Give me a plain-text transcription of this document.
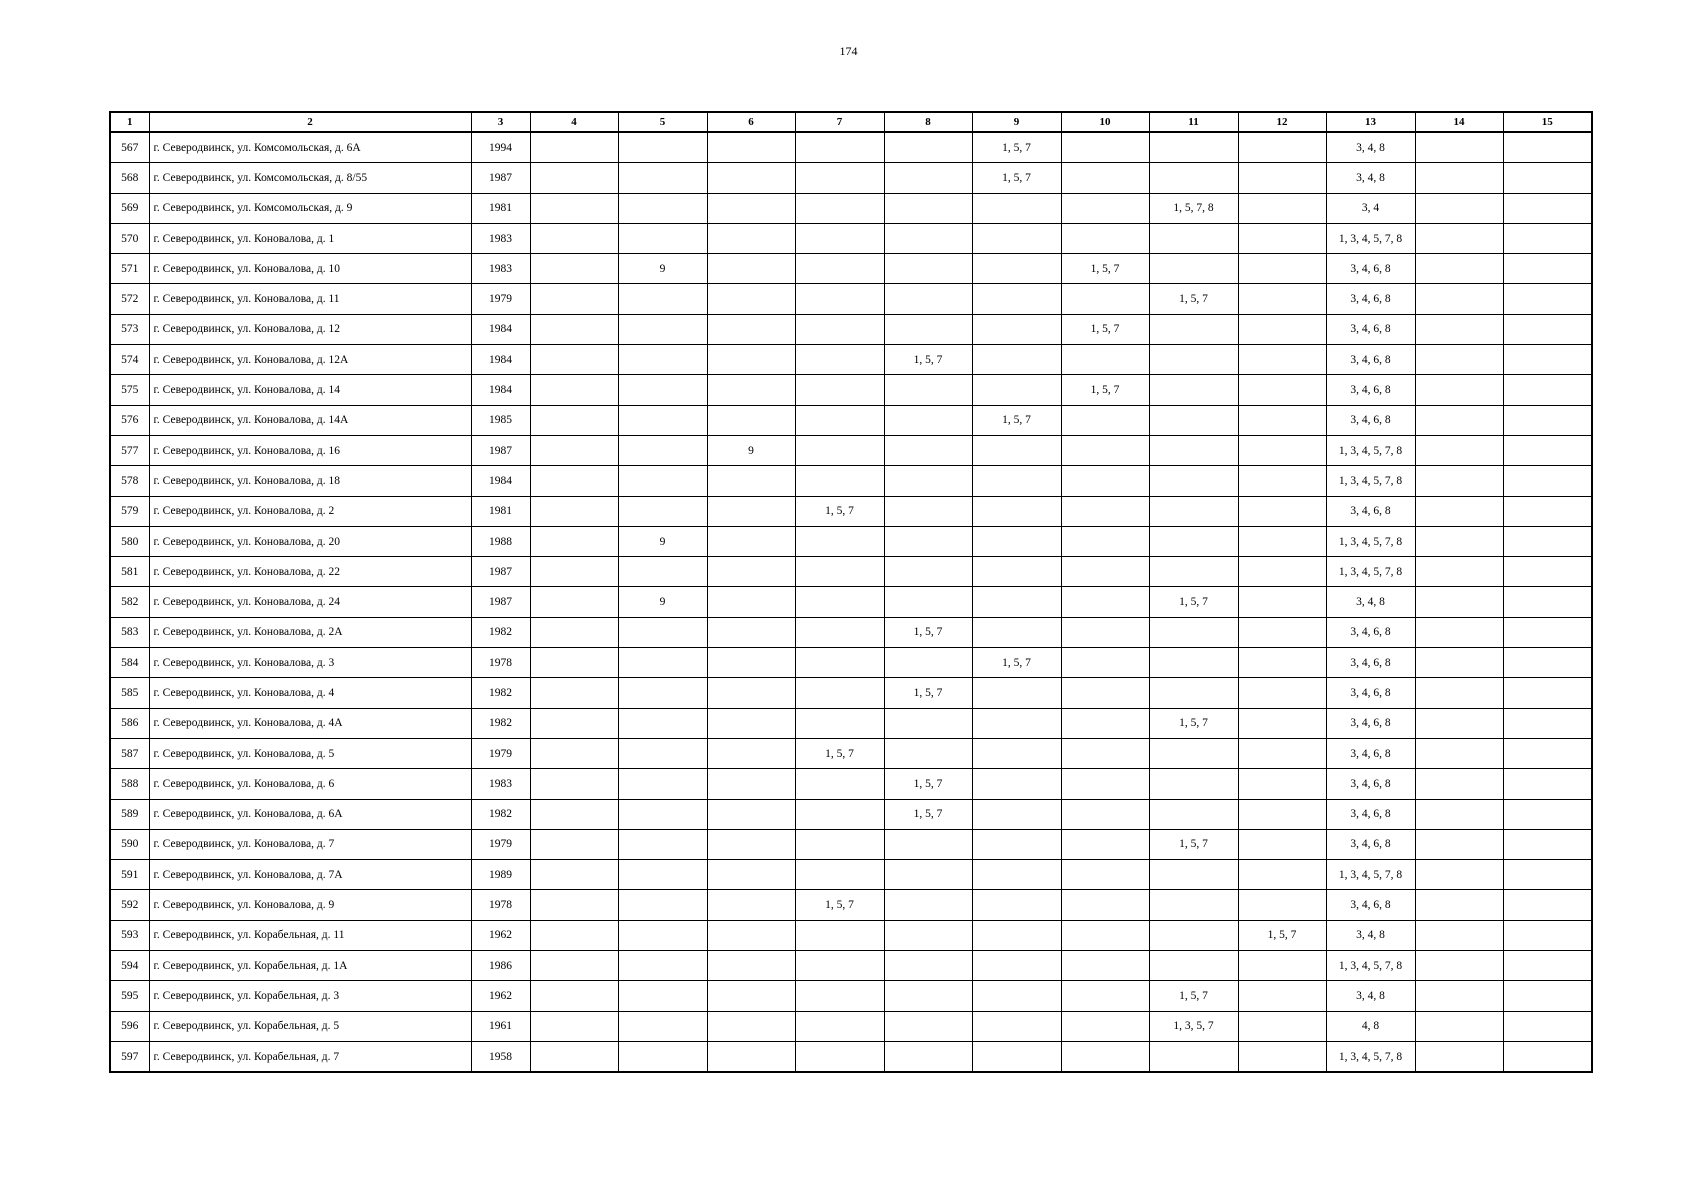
174
1	2	3	4	5	6	7	8	9	10	11	12	13	14	15
567	г. Северодвинск, ул. Комсомольская, д. 6А	1994						1, 5, 7				3, 4, 8		
568	г. Северодвинск, ул. Комсомольская, д. 8/55	1987						1, 5, 7				3, 4, 8		
569	г. Северодвинск, ул. Комсомольская, д. 9	1981								1, 5, 7, 8		3, 4		
570	г. Северодвинск, ул. Коновалова, д. 1	1983										1, 3, 4, 5, 7, 8		
571	г. Северодвинск, ул. Коновалова, д. 10	1983		9					1, 5, 7			3, 4, 6, 8		
572	г. Северодвинск, ул. Коновалова, д. 11	1979								1, 5, 7		3, 4, 6, 8		
573	г. Северодвинск, ул. Коновалова, д. 12	1984							1, 5, 7			3, 4, 6, 8		
574	г. Северодвинск, ул. Коновалова, д. 12А	1984					1, 5, 7					3, 4, 6, 8		
575	г. Северодвинск, ул. Коновалова, д. 14	1984							1, 5, 7			3, 4, 6, 8		
576	г. Северодвинск, ул. Коновалова, д. 14А	1985						1, 5, 7				3, 4, 6, 8		
577	г. Северодвинск, ул. Коновалова, д. 16	1987			9							1, 3, 4, 5, 7, 8		
578	г. Северодвинск, ул. Коновалова, д. 18	1984										1, 3, 4, 5, 7, 8		
579	г. Северодвинск, ул. Коновалова, д. 2	1981				1, 5, 7						3, 4, 6, 8		
580	г. Северодвинск, ул. Коновалова, д. 20	1988		9								1, 3, 4, 5, 7, 8		
581	г. Северодвинск, ул. Коновалова, д. 22	1987										1, 3, 4, 5, 7, 8		
582	г. Северодвинск, ул. Коновалова, д. 24	1987		9						1, 5, 7		3, 4, 8		
583	г. Северодвинск, ул. Коновалова, д. 2А	1982					1, 5, 7					3, 4, 6, 8		
584	г. Северодвинск, ул. Коновалова, д. 3	1978						1, 5, 7				3, 4, 6, 8		
585	г. Северодвинск, ул. Коновалова, д. 4	1982					1, 5, 7					3, 4, 6, 8		
586	г. Северодвинск, ул. Коновалова, д. 4А	1982								1, 5, 7		3, 4, 6, 8		
587	г. Северодвинск, ул. Коновалова, д. 5	1979				1, 5, 7						3, 4, 6, 8		
588	г. Северодвинск, ул. Коновалова, д. 6	1983					1, 5, 7					3, 4, 6, 8		
589	г. Северодвинск, ул. Коновалова, д. 6А	1982					1, 5, 7					3, 4, 6, 8		
590	г. Северодвинск, ул. Коновалова, д. 7	1979								1, 5, 7		3, 4, 6, 8		
591	г. Северодвинск, ул. Коновалова, д. 7А	1989										1, 3, 4, 5, 7, 8		
592	г. Северодвинск, ул. Коновалова, д. 9	1978				1, 5, 7						3, 4, 6, 8		
593	г. Северодвинск, ул. Корабельная, д. 11	1962									1, 5, 7	3, 4, 8		
594	г. Северодвинск, ул. Корабельная, д. 1А	1986										1, 3, 4, 5, 7, 8		
595	г. Северодвинск, ул. Корабельная, д. 3	1962								1, 5, 7		3, 4, 8		
596	г. Северодвинск, ул. Корабельная, д. 5	1961								1, 3, 5, 7		4, 8		
597	г. Северодвинск, ул. Корабельная, д. 7	1958										1, 3, 4, 5, 7, 8		
